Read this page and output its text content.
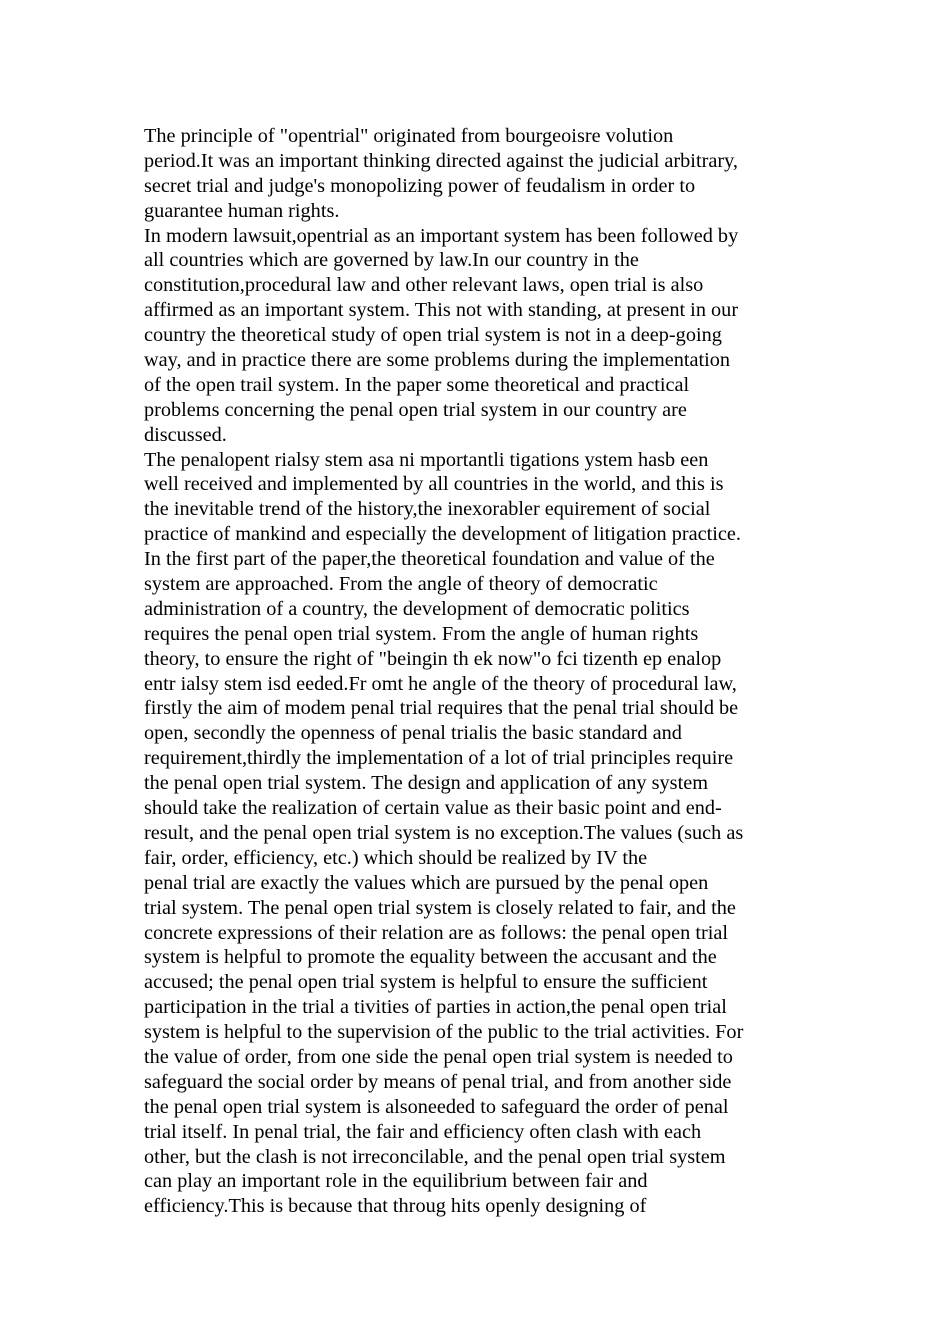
The principle of "opentrial" originated from bourgeoisre volution
period.It was an important thinking directed against the judicial arbitrary,
secret trial and judge's monopolizing power of feudalism in order to
guarantee human rights.
In modern lawsuit,opentrial as an important system has been followed by
all countries which are governed by law.In our country in the
constitution,procedural law and other relevant laws, open trial is also
affirmed as an important system. This not with standing, at present in our
country the theoretical study of open trial system is not in a deep-going
way, and in practice there are some problems during the implementation
of the open trail system. In the paper some theoretical and practical
problems concerning the penal open trial system in our country are
discussed.
The penalopent rialsy stem asa ni mportantli tigations ystem hasb een
well received and implemented by all countries in the world, and this is
the inevitable trend of the history,the inexorabler equirement of social
practice of mankind and especially the development of litigation practice.
In the first part of the paper,the theoretical foundation and value of the
system are approached. From the angle of theory of democratic
administration of a country, the development of democratic politics
requires the penal open trial system. From the angle of human rights
theory, to ensure the right of "beingin th ek now"o fci tizenth ep enalop
entr ialsy stem isd eeded.Fr omt he angle of the theory of procedural law,
firstly the aim of modem penal trial requires that the penal trial should be
open, secondly the openness of penal trialis the basic standard and
requirement,thirdly the implementation of a lot of trial principles require
the penal open trial system. The design and application of any system
should take the realization of certain value as their basic point and end-
result, and the penal open trial system is no exception.The values (such as
fair, order, efficiency, etc.) which should be realized by IV the
penal trial are exactly the values which are pursued by the penal open
trial system. The penal open trial system is closely related to fair, and the
concrete expressions of their relation are as follows: the penal open trial
system is helpful to promote the equality between the accusant and the
accused; the penal open trial system is helpful to ensure the sufficient
participation in the trial a tivities of parties in action,the penal open trial
system is helpful to the supervision of the public to the trial activities. For
the value of order, from one side the penal open trial system is needed to
safeguard the social order by means of penal trial, and from another side
the penal open trial system is alsoneeded to safeguard the order of penal
trial itself. In penal trial, the fair and efficiency often clash with each
other, but the clash is not irreconcilable, and the penal open trial system
can play an important role in the equilibrium between fair and
efficiency.This is because that throug hits openly designing of
